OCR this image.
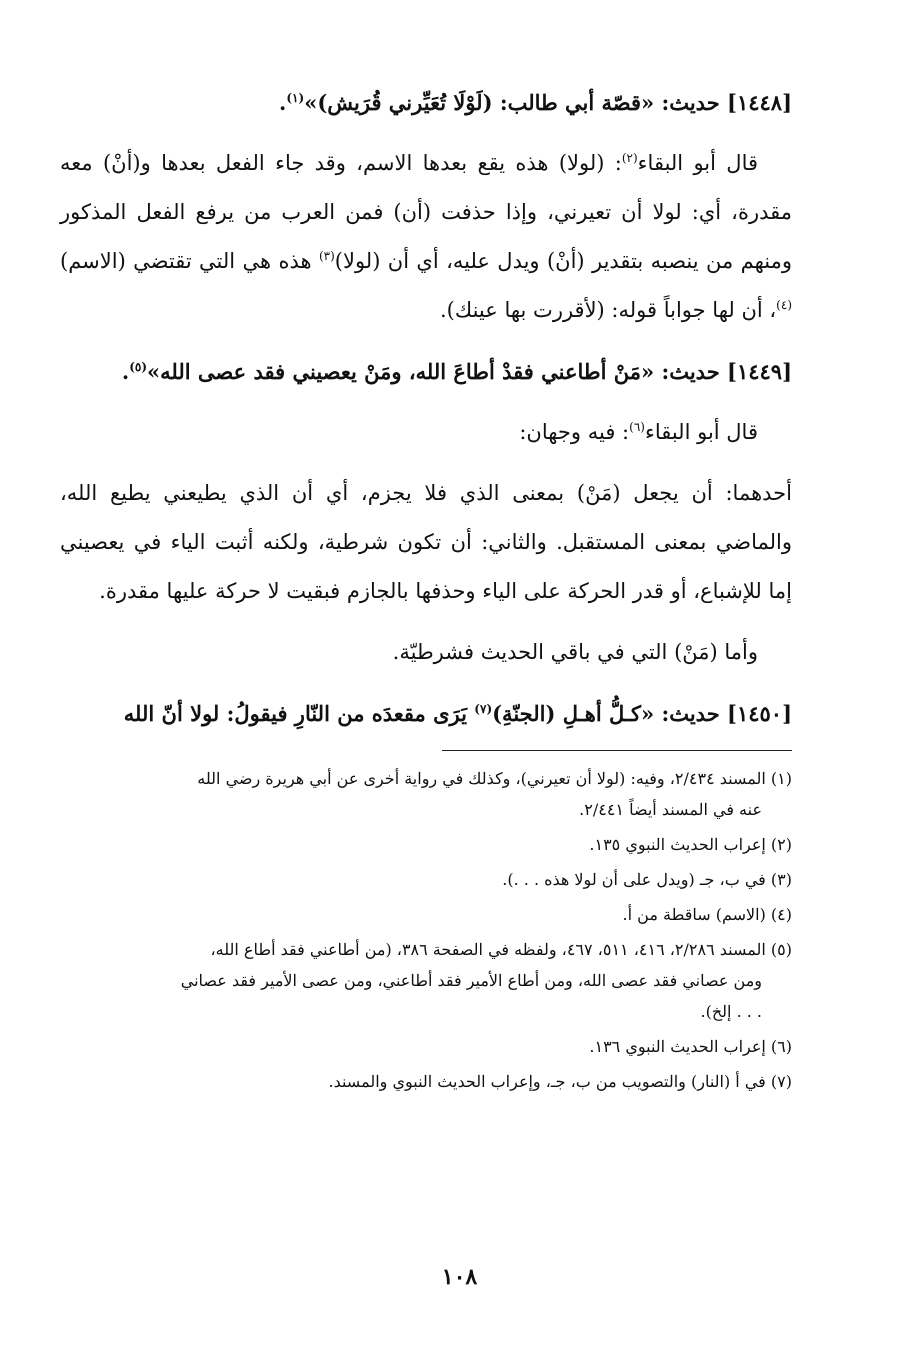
[١٤٤٨] حديث: «قصّة أبي طالب: (لَوْلَا تُعَيِّرني قُرَيش)»$^{(١)}$.

قال أبو البقاء$^{(٢)}$: (لولا) هذه يقع بعدها الاسم، وقد جاء الفعل بعدها و(أنْ) معه مقدرة، أي: لولا أن تعيرني، وإذا حذفت (أن) فمن العرب من يرفع الفعل المذكور ومنهم من ينصبه بتقدير (أنْ) ويدل عليه، أي أن (لولا)$^{(٣)}$ هذه هي التي تقتضي (الاسم)$^{(٤)}$، أن لها جواباً قوله: (لأقررت بها عينك).

[١٤٤٩] حديث: «مَنْ أطاعني فقدْ أطاعَ الله، ومَنْ يعصيني فقد عصى الله»$^{(٥)}$.

قال أبو البقاء$^{(٦)}$: فيه وجهان:

أحدهما: أن يجعل (مَنْ) بمعنى الذي فلا يجزم، أي أن الذي يطيعني يطيع الله، والماضي بمعنى المستقبل. والثاني: أن تكون شرطية، ولكنه أثبت الياء في يعصيني إما للإشباع، أو قدر الحركة على الياء وحذفها بالجازم فبقيت لا حركة عليها مقدرة.

وأما (مَنْ) التي في باقي الحديث فشرطيّة.

[١٤٥٠] حديث: «كـلُّ أهـلِ (الجنّةِ)$^{(٧)}$ يَرَى مقعدَه من النّارِ فيقولُ: لولا أنّ الله

(١) المسند ٢/٤٣٤، وفيه: (لولا أن تعيرني)، وكذلك في رواية أخرى عن أبي هريرة رضي الله
عنه في المسند أيضاً ٢/٤٤١.
(٢) إعراب الحديث النبوي ١٣٥.
(٣) في ب، جـ (ويدل على أن لولا هذه . . .).
(٤) (الاسم) ساقطة من أ.
(٥) المسند ٢/٢٨٦، ٤١٦، ٥١١، ٤٦٧، ولفظه في الصفحة ٣٨٦، (من أطاعني فقد أطاع الله،
ومن عصاني فقد عصى الله، ومن أطاع الأمير فقد أطاعني، ومن عصى الأمير فقد عصاني
. . . إلخ).
(٦) إعراب الحديث النبوي ١٣٦.
(٧) في أ (النار) والتصويب من ب، جـ، وإعراب الحديث النبوي والمسند.
١٠٨
